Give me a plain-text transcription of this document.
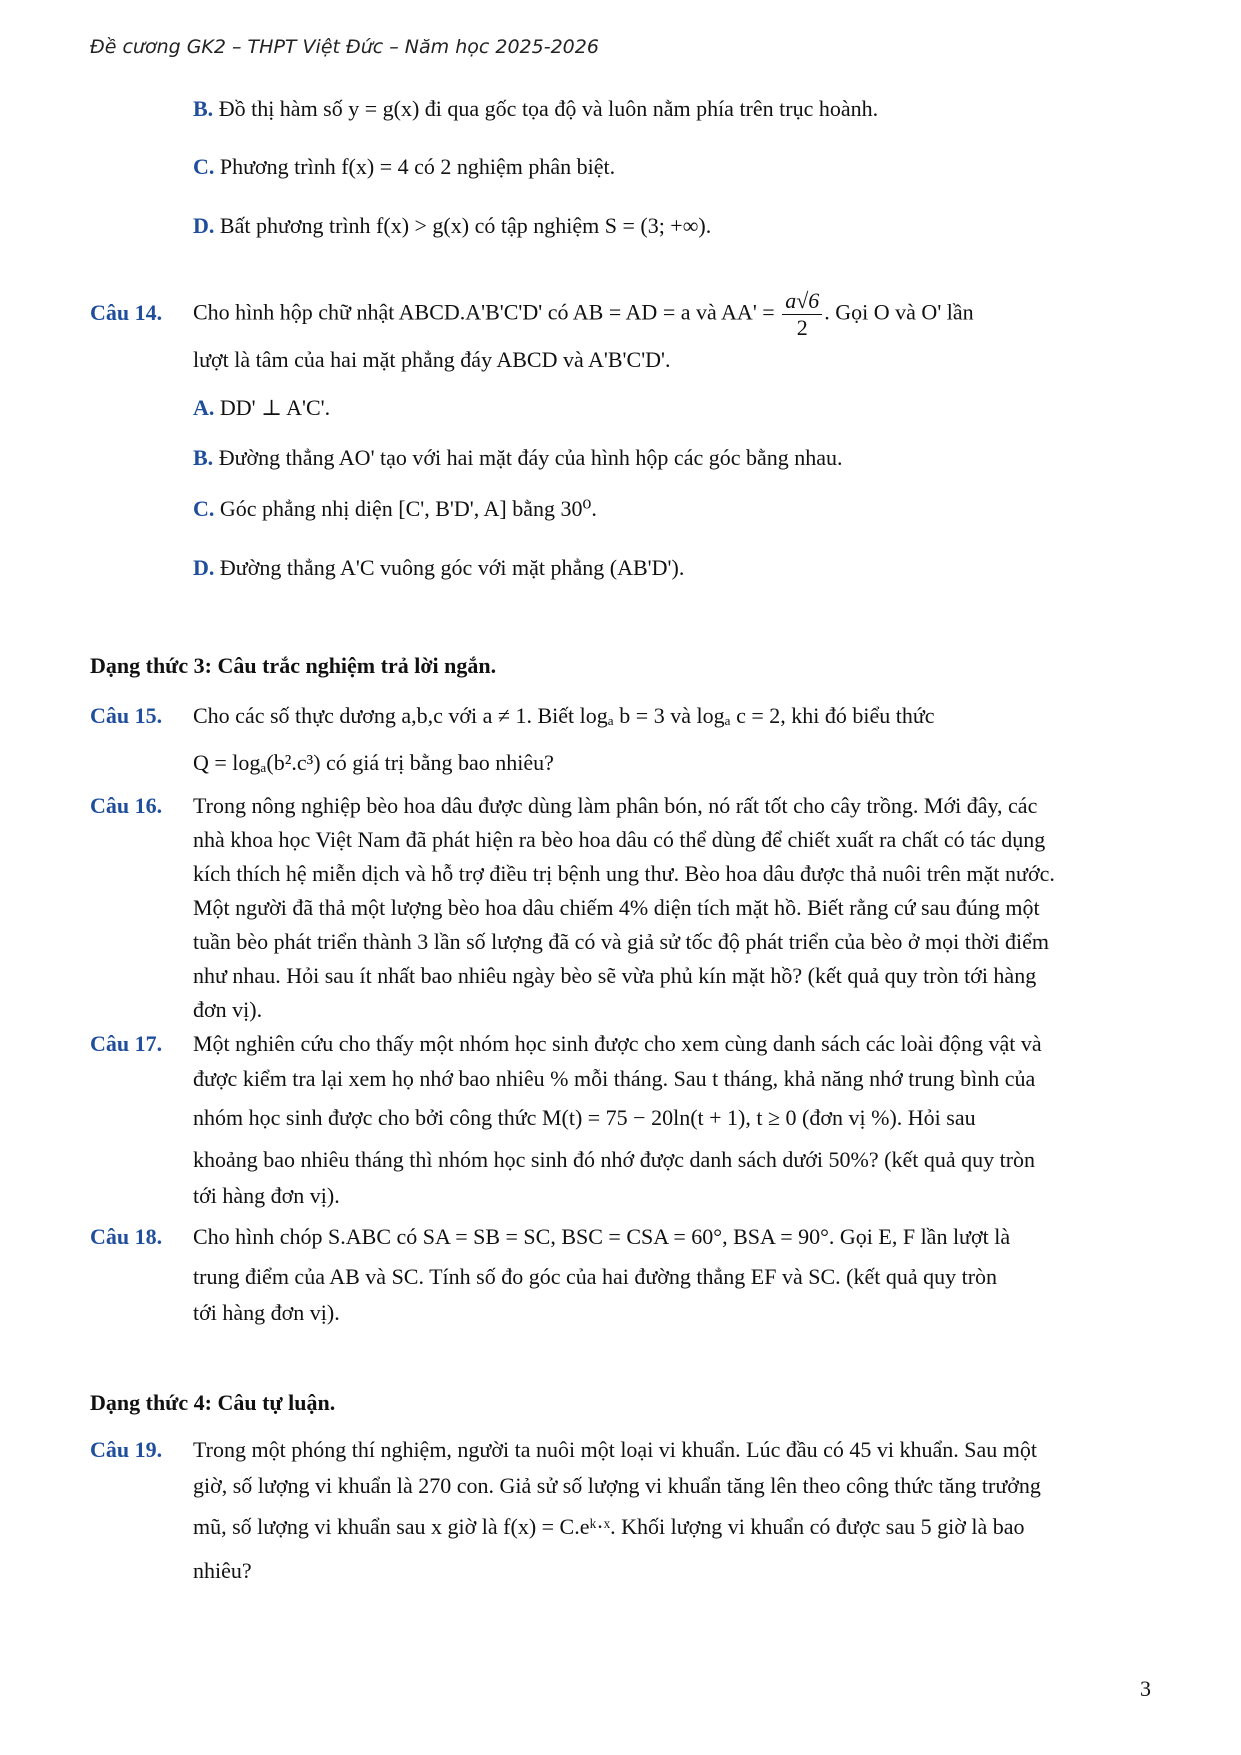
Đề cương GK2 – THPT Việt Đức – Năm học 2025-2026
B. Đồ thị hàm số y = g(x) đi qua gốc tọa độ và luôn nằm phía trên trục hoành.
C. Phương trình f(x) = 4 có 2 nghiệm phân biệt.
D. Bất phương trình f(x) > g(x) có tập nghiệm S = (3; +∞).
Câu 14. Cho hình hộp chữ nhật ABCD.A'B'C'D' có AB = AD = a và $AA' = \frac{a√6}{2}$ . Gọi O và O' lần
lượt là tâm của hai mặt phẳng đáy ABCD và A'B'C'D'.
A. DD' ⊥ A'C'.
B. Đường thẳng AO' tạo với hai mặt đáy của hình hộp các góc bằng nhau.
C. Góc phẳng nhị diện [C', B'D', A] bằng 30⁰.
D. Đường thẳng A'C vuông góc với mặt phẳng (AB'D').
Dạng thức 3: Câu trắc nghiệm trả lời ngắn.
Câu 15. Cho các số thực dương a,b,c với a ≠ 1. Biết logₐ b = 3 và logₐ c = 2, khi đó biểu thức
Q = logₐ(b².c³) có giá trị bằng bao nhiêu?
Câu 16. Trong nông nghiệp bèo hoa dâu được dùng làm phân bón, nó rất tốt cho cây trồng. Mới đây, các
nhà khoa học Việt Nam đã phát hiện ra bèo hoa dâu có thể dùng để chiết xuất ra chất có tác dụng
kích thích hệ miễn dịch và hỗ trợ điều trị bệnh ung thư. Bèo hoa dâu được thả nuôi trên mặt nước.
Một người đã thả một lượng bèo hoa dâu chiếm 4% diện tích mặt hồ. Biết rằng cứ sau đúng một
tuần bèo phát triển thành 3 lần số lượng đã có và giả sử tốc độ phát triển của bèo ở mọi thời điểm
như nhau. Hỏi sau ít nhất bao nhiêu ngày bèo sẽ vừa phủ kín mặt hồ? (kết quả quy tròn tới hàng
đơn vị).
Câu 17. Một nghiên cứu cho thấy một nhóm học sinh được cho xem cùng danh sách các loài động vật và
được kiểm tra lại xem họ nhớ bao nhiêu % mỗi tháng. Sau t tháng, khả năng nhớ trung bình của
nhóm học sinh được cho bởi công thức M(t) = 75 − 20ln(t + 1), t ≥ 0 (đơn vị %). Hỏi sau
khoảng bao nhiêu tháng thì nhóm học sinh đó nhớ được danh sách dưới 50%? (kết quả quy tròn
tới hàng đơn vị).
Câu 18. Cho hình chóp S.ABC có SA = SB = SC, BSC = CSA = 60°, BSA = 90°. Gọi E, F lần lượt là
trung điểm của AB và SC. Tính số đo góc của hai đường thẳng EF và SC. (kết quả quy tròn
tới hàng đơn vị).
Dạng thức 4: Câu tự luận.
Câu 19. Trong một phóng thí nghiệm, người ta nuôi một loại vi khuẩn. Lúc đầu có 45 vi khuẩn. Sau một
giờ, số lượng vi khuẩn là 270 con. Giả sử số lượng vi khuẩn tăng lên theo công thức tăng trưởng
mũ, số lượng vi khuẩn sau x giờ là f(x) = C.eᵏ·ˣ. Khối lượng vi khuẩn có được sau 5 giờ là bao
nhiêu?
3
